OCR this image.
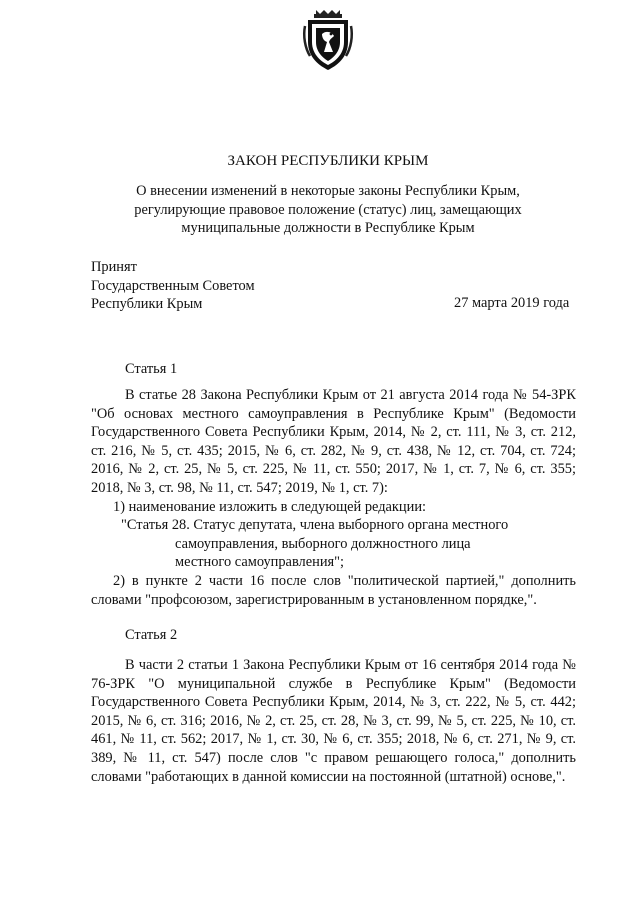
ЗАКОН РЕСПУБЛИКИ КРЫМ
О внесении изменений в некоторые законы Республики Крым,
регулирующие правовое положение (статус) лиц, замещающих
муниципальные должности в Республике Крым
Принят
Государственным Советом
Республики Крым	27 марта 2019 года
Статья 1

В статье 28 Закона Республики Крым от 21 августа 2014 года № 54-ЗРК "Об основах местного самоуправления в Республике Крым" (Ведомости Государственного Совета Республики Крым, 2014, № 2, ст. 111, № 3, ст. 212, ст. 216, № 5, ст. 435; 2015, № 6, ст. 282, № 9, ст. 438, № 12, ст. 704, ст. 724; 2016, № 2, ст. 25, № 5, ст. 225, № 11, ст. 550; 2017, № 1, ст. 7, № 6, ст. 355; 2018, № 3, ст. 98, № 11, ст. 547; 2019, № 1, ст. 7):

1) наименование изложить в следующей редакции:

"Статья 28. Статус депутата, члена выборного органа местного
самоуправления, выборного должностного лица
местного самоуправления";

2) в пункте 2 части 16 после слов "политической партией," дополнить словами "профсоюзом, зарегистрированным в установленном порядке,".

Статья 2

В части 2 статьи 1 Закона Республики Крым от 16 сентября 2014 года № 76-ЗРК "О муниципальной службе в Республике Крым" (Ведомости Государственного Совета Республики Крым, 2014, № 3, ст. 222, № 5, ст. 442; 2015, № 6, ст. 316; 2016, № 2, ст. 25, ст. 28, № 3, ст. 99, № 5, ст. 225, № 10, ст. 461, № 11, ст. 562; 2017, № 1, ст. 30, № 6, ст. 355; 2018, № 6, ст. 271, № 9, ст. 389, № 11, ст. 547) после слов "с правом решающего голоса," дополнить словами "работающих в данной комиссии на постоянной (штатной) основе,".
